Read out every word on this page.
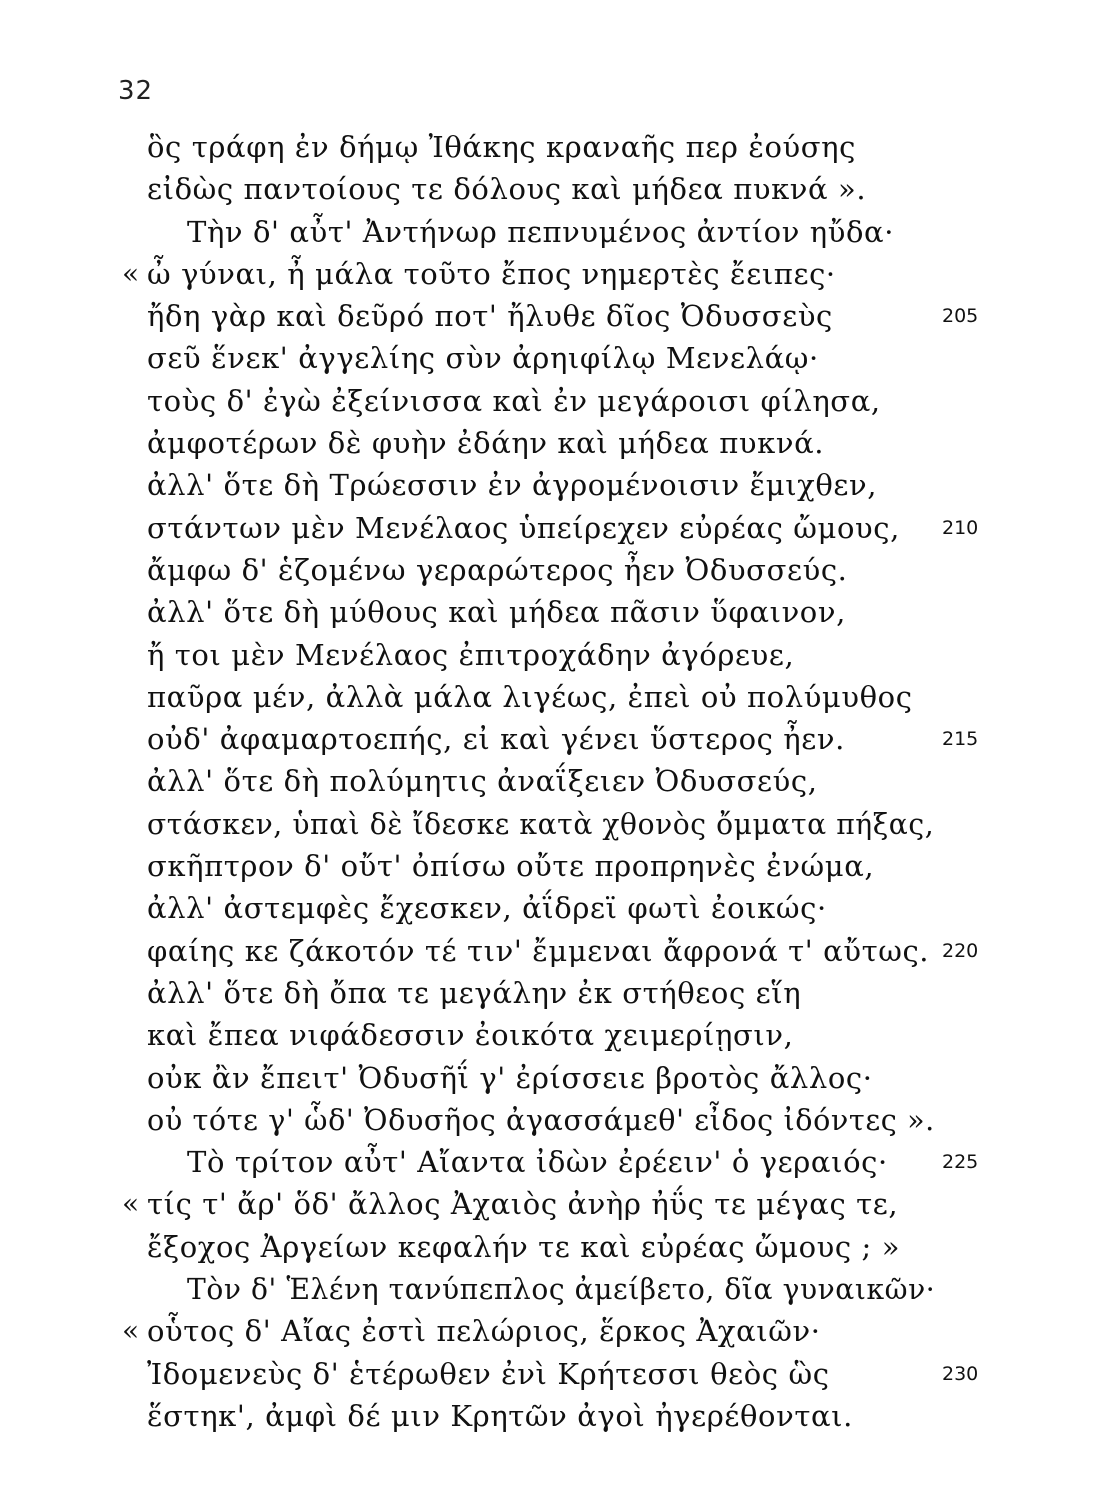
32
ὃς τράφη ἐν δήμῳ Ἰθάκης κραναῆς περ ἐούσης
εἰδὼς παντοίους τε δόλους καὶ μήδεα πυκνά ».
Τὴν δ' αὖτ' Ἀντήνωρ πεπνυμένος ἀντίον ηὔδα·
« ὦ γύναι, ἦ μάλα τοῦτο ἔπος νημερτὲς ἔειπες·
ἤδη γὰρ καὶ δεῦρό ποτ' ἤλυθε δῖος Ὀδυσσεὺς	205
σεῦ ἕνεκ' ἀγγελίης σὺν ἀρηιφίλῳ Μενελάῳ·
τοὺς δ' ἐγὼ ἐξείνισσα καὶ ἐν μεγάροισι φίλησα,
ἀμφοτέρων δὲ φυὴν ἐδάην καὶ μήδεα πυκνά.
ἀλλ' ὅτε δὴ Τρώεσσιν ἐν ἀγρομένοισιν ἔμιχθεν,
στάντων μὲν Μενέλαος ὑπείρεχεν εὐρέας ὤμους, 210
ἄμφω δ' ἑζομένω γεραρώτερος ἦεν Ὀδυσσεύς.
ἀλλ' ὅτε δὴ μύθους καὶ μήδεα πᾶσιν ὕφαινον,
ἤ τοι μὲν Μενέλαος ἐπιτροχάδην ἀγόρευε,
παῦρα μέν, ἀλλὰ μάλα λιγέως, ἐπεὶ οὐ πολύμυθος
οὐδ' ἀφαμαρτοεπής, εἰ καὶ γένει ὕστερος ἦεν.	215
ἀλλ' ὅτε δὴ πολύμητις ἀναΐξειεν Ὀδυσσεύς,
στάσκεν, ὑπαὶ δὲ ἴδεσκε κατὰ χθονὸς ὄμματα πήξας,
σκῆπτρον δ' οὔτ' ὀπίσω οὔτε προπρηνὲς ἐνώμα,
ἀλλ' ἀστεμφὲς ἔχεσκεν, ἀΐδρεϊ φωτὶ ἐοικώς·
φαίης κε ζάκοτόν τέ τιν' ἔμμεναι ἄφρονά τ' αὔτως. 220
ἀλλ' ὅτε δὴ ὄπα τε μεγάλην ἐκ στήθεος εἵη
καὶ ἔπεα νιφάδεσσιν ἐοικότα χειμερίῃσιν,
οὐκ ἂν ἔπειτ' Ὀδυσῆΐ γ' ἐρίσσειε βροτὸς ἄλλος·
οὐ τότε γ' ὧδ' Ὀδυσῆος ἀγασσάμεθ' εἶδος ἰδόντες ».
Τὸ τρίτον αὖτ' Αἴαντα ἰδὼν ἐρέειν' ὁ γεραιός·	225
« τίς τ' ἄρ' ὅδ' ἄλλος Ἀχαιὸς ἀνὴρ ἠΰς τε μέγας τε,
ἔξοχος Ἀργείων κεφαλήν τε καὶ εὐρέας ὤμους ; »
Τὸν δ' Ἑλένη τανύπεπλος ἀμείβετο, δῖα γυναικῶν·
« οὗτος δ' Αἴας ἐστὶ πελώριος, ἕρκος Ἀχαιῶν·
Ἰδομενεὺς δ' ἑτέρωθεν ἐνὶ Κρήτεσσι θεὸς ὣς	230
ἕστηκ', ἀμφὶ δέ μιν Κρητῶν ἀγοὶ ἠγερέθονται.
